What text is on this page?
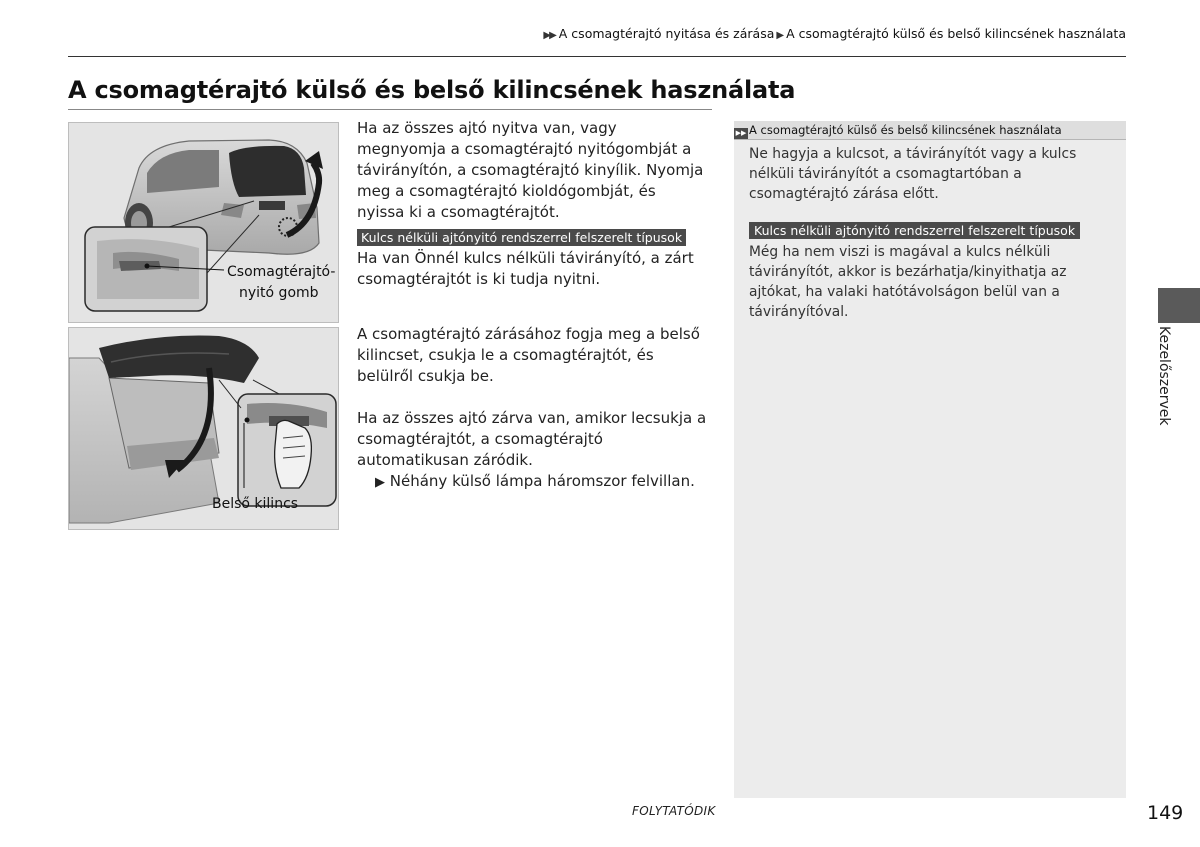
▶▶ A csomagtérajtó nyitása és zárása ▶ A csomagtérajtó külső és belső kilincsének használata
A csomagtérajtó külső és belső kilincsének használata
Csomagtérajtó-
nyitó gomb
Belső kilincs

Ha az összes ajtó nyitva van, vagy megnyomja a csomagtérajtó nyitógombját a távirányítón, a csomagtérajtó kinyílik. Nyomja meg a csomagtérajtó kioldógombját, és nyissa ki a csomagtérajtót.

Kulcs nélküli ajtónyitó rendszerrel felszerelt típusok

Ha van Önnél kulcs nélküli távirányító, a zárt csomagtérajtót is ki tudja nyitni.

A csomagtérajtó zárásához fogja meg a belső kilincset, csukja le a csomagtérajtót, és belülről csukja be.

Ha az összes ajtó zárva van, amikor lecsukja a csomagtérajtót, a csomagtérajtó automatikusan záródik.

▶ Néhány külső lámpa háromszor felvillan.
▶▶ A csomagtérajtó külső és belső kilincsének használata

Ne hagyja a kulcsot, a távirányítót vagy a kulcs nélküli távirányítót a csomagtartóban a csomagtérajtó zárása előtt.

Kulcs nélküli ajtónyitó rendszerrel felszerelt típusok

Még ha nem viszi is magával a kulcs nélküli távirányítót, akkor is bezárhatja/kinyithatja az ajtókat, ha valaki hatótávolságon belül van a távirányítóval.

Kezelőszervek
FOLYTATÓDIK	149
